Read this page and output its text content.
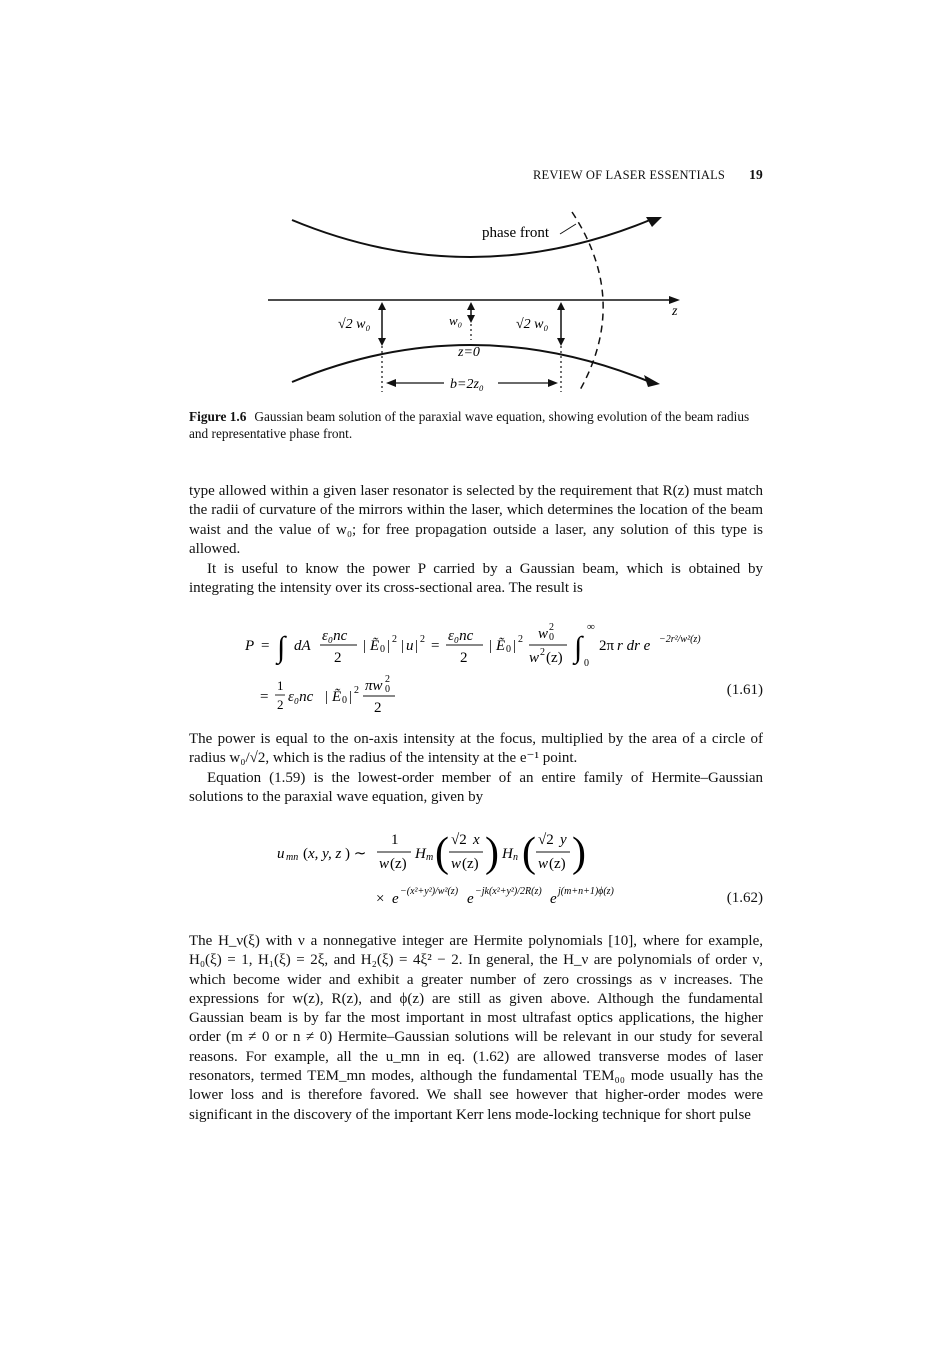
REVIEW OF LASER ESSENTIALS 19
z
phase front
√2 w₀	w₀
z=0
√2 w₀
b=2z₀
Figure 1.6 Gaussian beam solution of the paraxial wave equation, showing evolution of the beam radius and representative phase front.

type allowed within a given laser resonator is selected by the requirement that R(z) must match the radii of curvature of the mirrors within the laser, which determines the location of the beam waist and the value of w₀; for free propagation outside a laser, any solution of this type is allowed.

It is useful to know the power P carried by a Gaussian beam, which is obtained by integrating the intensity over its cross-sectional area. The result is

P = ∫ dA
ε₀nc
2
| Ẽ 0 | 2 | u | 2 =
ε₀nc
2
| Ẽ 0 | 2 w 0
2
w 2 (z) ∫
∞
0
2π r dr e −2r²/w²(z)
=
1
2 ε₀nc | Ẽ 0 | 2 πw 0
2
2
(1.61)

The power is equal to the on-axis intensity at the focus, multiplied by the area of a circle of radius w₀/√2, which is the radius of the intensity at the e⁻¹ point.

Equation (1.59) is the lowest-order member of an entire family of Hermite–Gaussian solutions to the paraxial wave equation, given by

u mn ( x, y, z ) ∼
1
w (z)
H m ( √2 x
w (z) ) H n ( √2 y
w (z) )
× e −(x²+y²)/w²(z) e −jk(x²+y²)/2R(z) e j(m+n+1)ϕ(z)	(1.62)

The H_ν(ξ) with ν a nonnegative integer are Hermite polynomials [10], where for example, H₀(ξ) = 1, H₁(ξ) = 2ξ, and H₂(ξ) = 4ξ² − 2. In general, the H_ν are polynomials of order ν, which become wider and exhibit a greater number of zero crossings as ν increases. The expressions for w(z), R(z), and ϕ(z) are still as given above. Although the fundamental Gaussian beam is by far the most important in most ultrafast optics applications, the higher order (m ≠ 0 or n ≠ 0) Hermite–Gaussian solutions will be relevant in our study for several reasons. For example, all the u_mn in eq. (1.62) are allowed transverse modes of laser resonators, termed TEM_mn modes, although the fundamental TEM₀₀ mode usually has the lower loss and is therefore favored. We shall see however that higher-order modes were significant in the discovery of the important Kerr lens mode-locking technique for short pulse
